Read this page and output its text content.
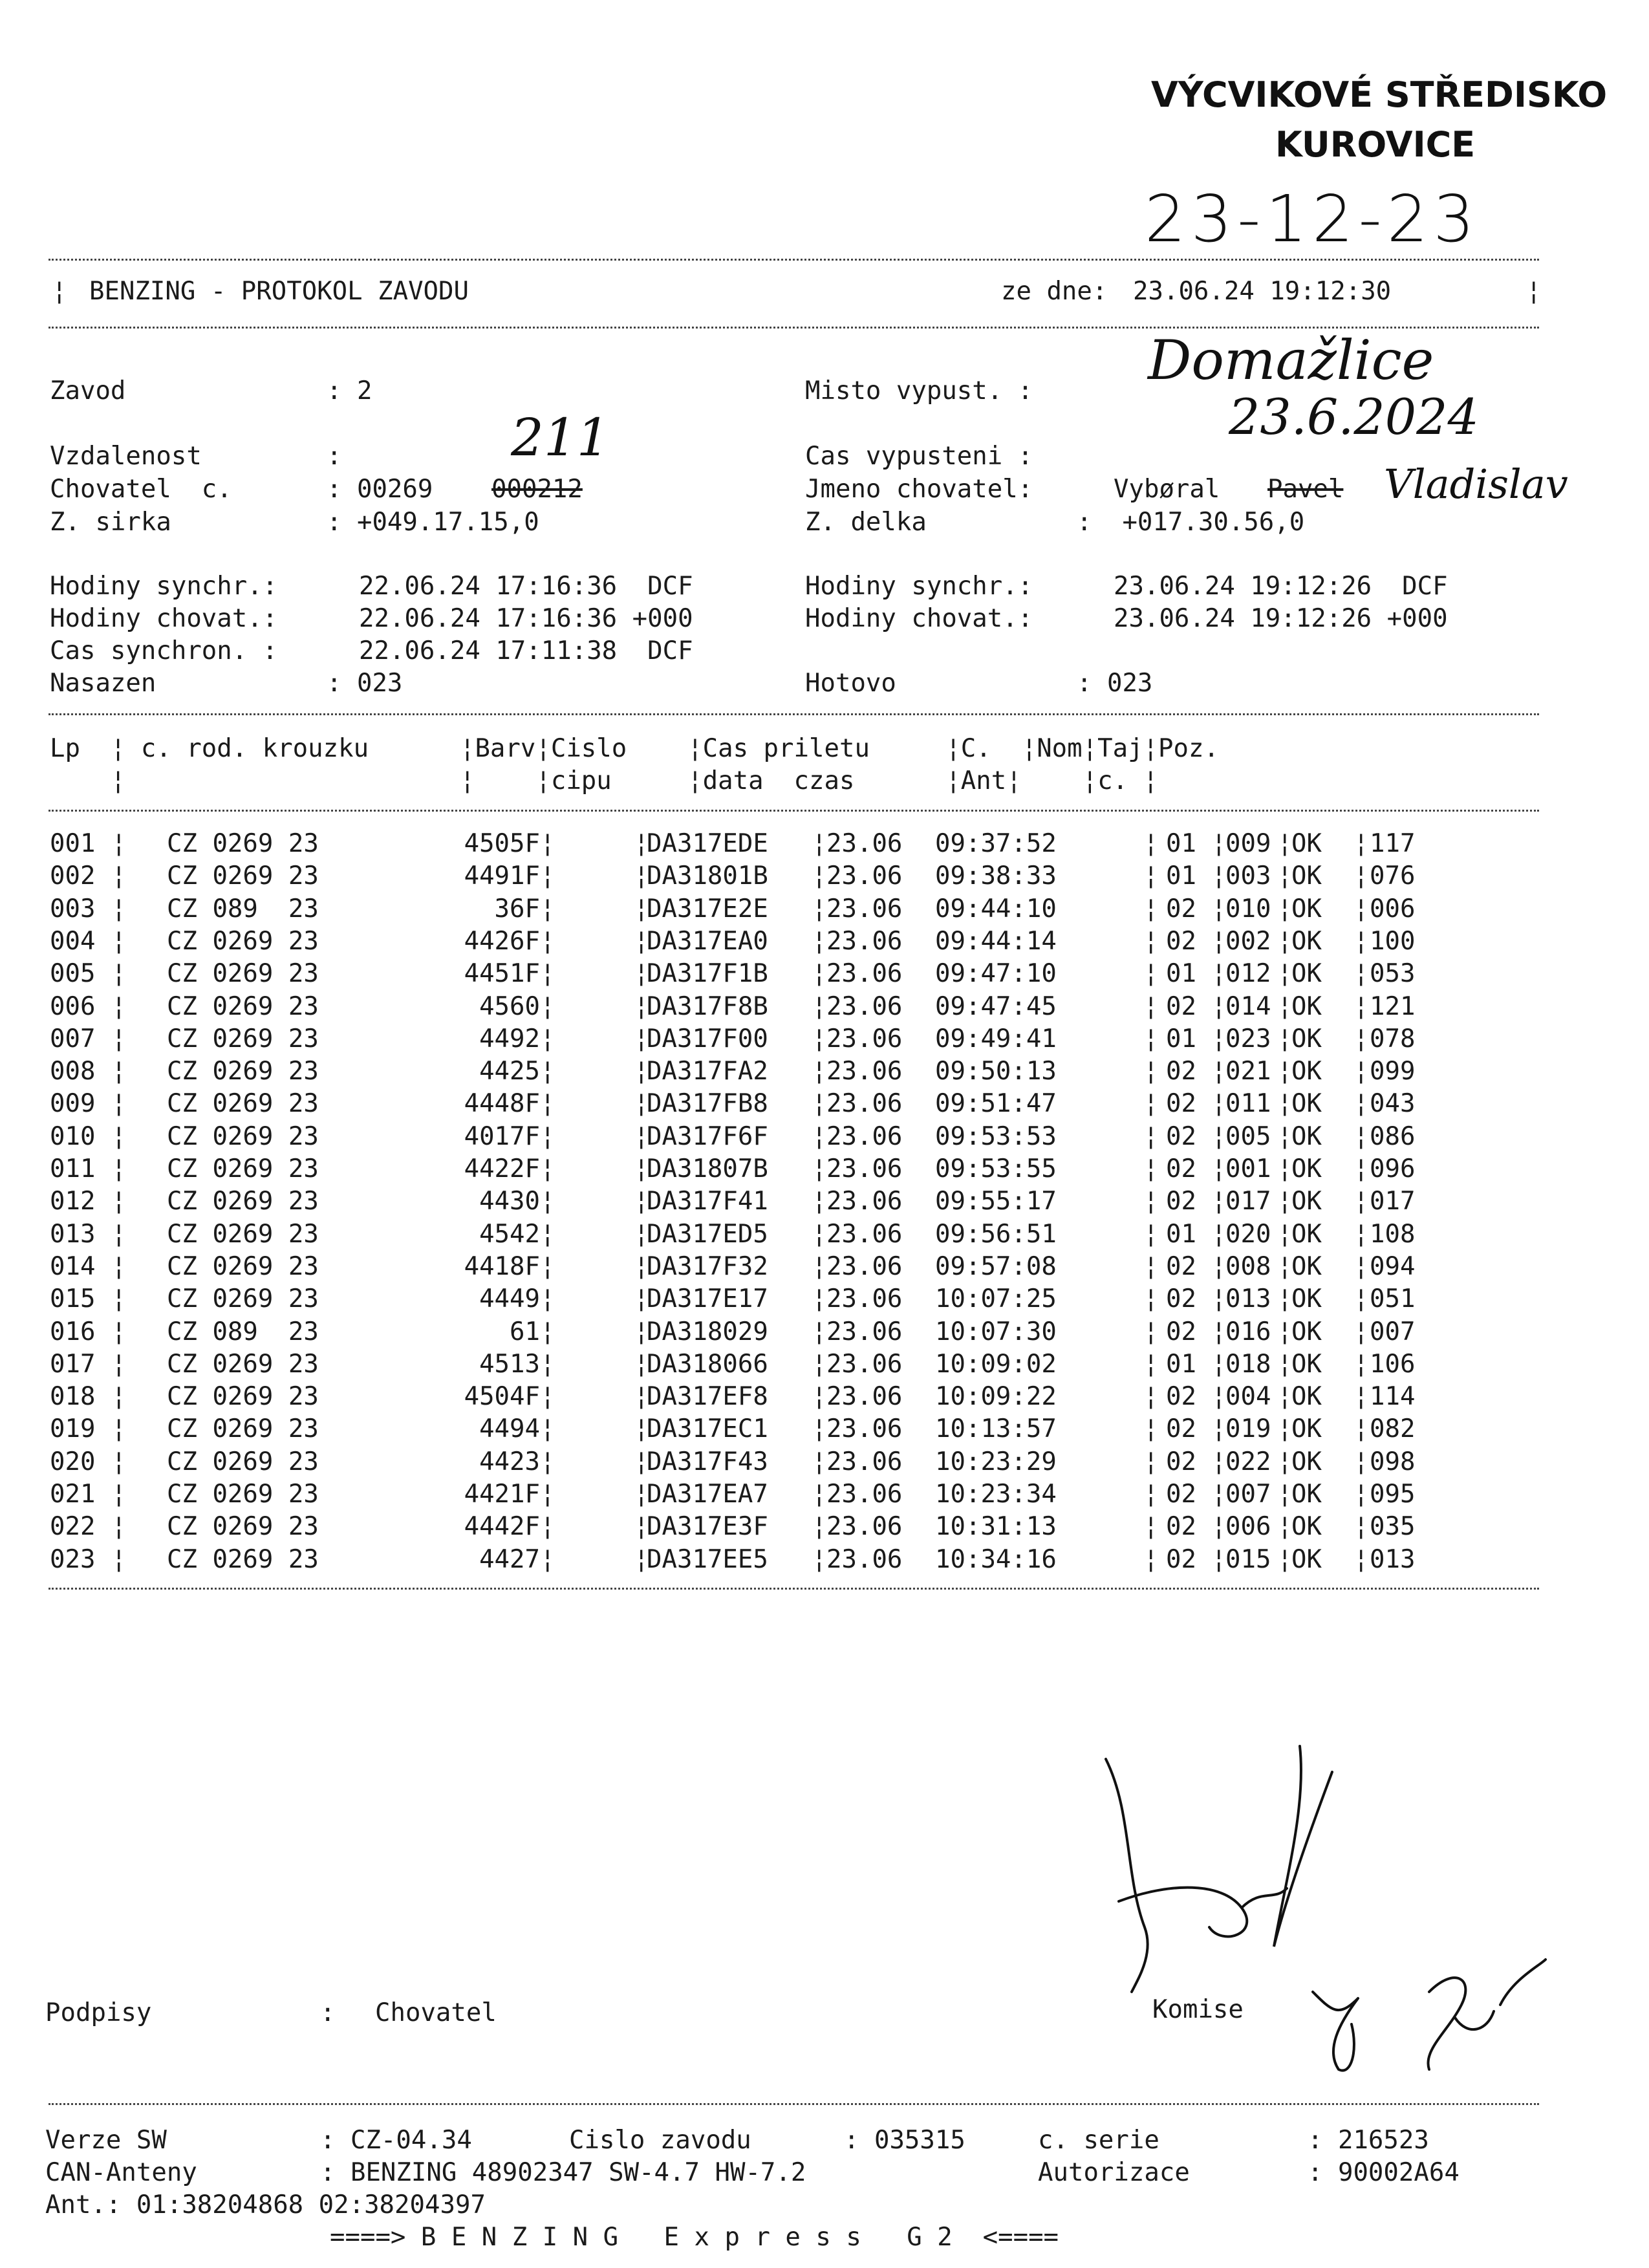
VÝCVIKOVÉ STŘEDISKO
KUROVICE
23-12-23
¦ BENZING - PROTOKOL ZAVODU	ze dne: 23.06.24 19:12:30	¦
Domažlice
23.6.2024
Zavod	: 2	Misto vypust. :
211
Vzdalenost	:	Cas vypusteni :
Chovatel  c.	: 00269 000212	Jmeno chovatel:	Vybøral Pavel Vladislav
Z. sirka	: +049.17.15,0	Z. delka	:  +017.30.56,0
Hodiny synchr.:	22.06.24 17:16:36  DCF	Hodiny synchr.:	23.06.24 19:12:26  DCF
Hodiny chovat.:	22.06.24 17:16:36 +000	Hodiny chovat.:	23.06.24 19:12:26 +000
Cas synchron. :	22.06.24 17:11:38  DCF
Nasazen	: 023	Hotovo	: 023
Lp  ¦ c. rod. krouzku      ¦Barv¦Cislo    ¦Cas priletu     ¦C.  ¦Nom¦Taj¦Poz.
¦                      ¦    ¦cipu     ¦data  czas      ¦Ant¦    ¦c. ¦
001	CZ 0269 23	4505F	DA317EDE 23.06 09:37:52	01 009 OK 117
¦	¦	¦	¦	¦ ¦ ¦ ¦
002	CZ 0269 23	4491F	DA31801B 23.06 09:38:33	01 003 OK 076
¦	¦	¦	¦	¦ ¦ ¦ ¦
003	CZ 089  23	36F	DA317E2E 23.06 09:44:10	02 010 OK 006
¦	¦	¦	¦	¦ ¦ ¦ ¦
004	CZ 0269 23	4426F	DA317EA0 23.06 09:44:14	02 002 OK 100
¦	¦	¦	¦	¦ ¦ ¦ ¦
005	CZ 0269 23	4451F	DA317F1B 23.06 09:47:10	01 012 OK 053
¦	¦	¦	¦	¦ ¦ ¦ ¦
006	CZ 0269 23	4560	DA317F8B 23.06 09:47:45	02 014 OK 121
¦	¦	¦	¦	¦ ¦ ¦ ¦
007	CZ 0269 23	4492	DA317F00 23.06 09:49:41	01 023 OK 078
¦	¦	¦	¦	¦ ¦ ¦ ¦
008	CZ 0269 23	4425	DA317FA2 23.06 09:50:13	02 021 OK 099
¦	¦	¦	¦	¦ ¦ ¦ ¦
009	CZ 0269 23	4448F	DA317FB8 23.06 09:51:47	02 011 OK 043
¦	¦	¦	¦	¦ ¦ ¦ ¦
010	CZ 0269 23	4017F	DA317F6F 23.06 09:53:53	02 005 OK 086
¦	¦	¦	¦	¦ ¦ ¦ ¦
011	CZ 0269 23	4422F	DA31807B 23.06 09:53:55	02 001 OK 096
¦	¦	¦	¦	¦ ¦ ¦ ¦
012	CZ 0269 23	4430	DA317F41 23.06 09:55:17	02 017 OK 017
¦	¦	¦	¦	¦ ¦ ¦ ¦
013	CZ 0269 23	4542	DA317ED5 23.06 09:56:51	01 020 OK 108
¦	¦	¦	¦	¦ ¦ ¦ ¦
014	CZ 0269 23	4418F	DA317F32 23.06 09:57:08	02 008 OK 094
¦	¦	¦	¦	¦ ¦ ¦ ¦
015	CZ 0269 23	4449	DA317E17 23.06 10:07:25	02 013 OK 051
¦	¦	¦	¦	¦ ¦ ¦ ¦
016	CZ 089  23	61	DA318029 23.06 10:07:30	02 016 OK 007
¦	¦	¦	¦	¦ ¦ ¦ ¦
017	CZ 0269 23	4513	DA318066 23.06 10:09:02	01 018 OK 106
¦	¦	¦	¦	¦ ¦ ¦ ¦
018	CZ 0269 23	4504F	DA317EF8 23.06 10:09:22	02 004 OK 114
¦	¦	¦	¦	¦ ¦ ¦ ¦
019	CZ 0269 23	4494	DA317EC1 23.06 10:13:57	02 019 OK 082
¦	¦	¦	¦	¦ ¦ ¦ ¦
020	CZ 0269 23	4423	DA317F43 23.06 10:23:29	02 022 OK 098
¦	¦	¦	¦	¦ ¦ ¦ ¦
021	CZ 0269 23	4421F	DA317EA7 23.06 10:23:34	02 007 OK 095
¦	¦	¦	¦	¦ ¦ ¦ ¦
022	CZ 0269 23	4442F	DA317E3F 23.06 10:31:13	02 006 OK 035
¦	¦	¦	¦	¦ ¦ ¦ ¦
023	CZ 0269 23	4427	DA317EE5 23.06 10:34:16	02 015 OK 013
¦	¦	¦	¦	¦ ¦ ¦ ¦
Podpisy	: Chovatel	Komise
Verze SW	: CZ-04.34	Cislo zavodu	: 035315	c. serie	: 216523
CAN-Anteny	: BENZING 48902347 SW-4.7 HW-7.2	Autorizace	: 90002A64
Ant.: 01:38204868 02:38204397
====> B E N Z I N G   E x p r e s s   G 2  <====
